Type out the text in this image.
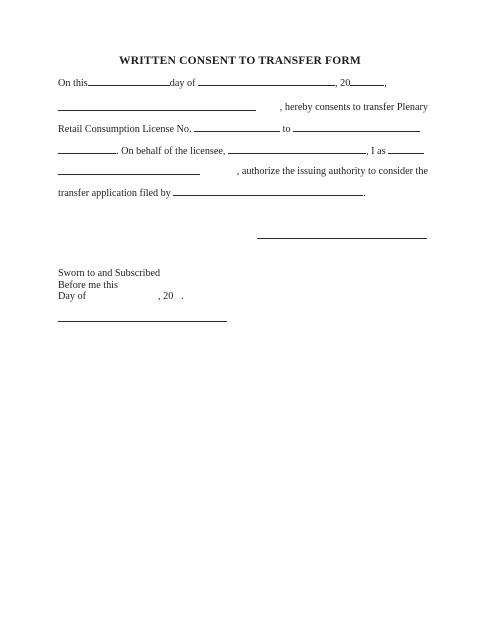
WRITTEN CONSENT TO TRANSFER FORM
On this	day of	, 20	,
, hereby consents to transfer Plenary
Retail Consumption License No.	to
. On behalf of the licensee,	, I as
, authorize the issuing authority to consider the
transfer application filed by	.
Sworn to and Subscribed
Before me this
Day of	, 20 .
